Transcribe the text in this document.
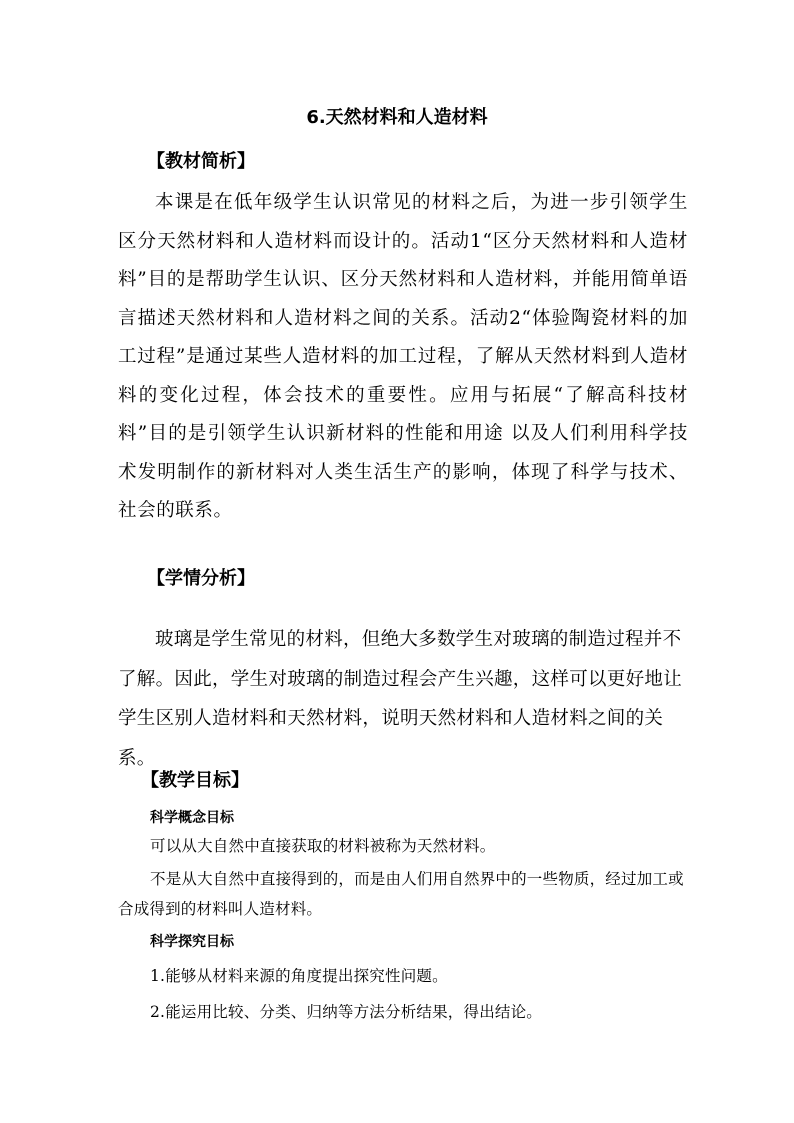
6.天然材料和人造材料
【教材简析】
本课是在低年级学生认识常见的材料之后，为进一步引领学生区分天然材料和人造材料而设计的。活动1“区分天然材料和人造材料”目的是帮助学生认识、区分天然材料和人造材料，并能用简单语言描述天然材料和人造材料之间的关系。活动2“体验陶瓷材料的加工过程”是通过某些人造材料的加工过程，了解从天然材料到人造材料的变化过程，体会技术的重要性。应用与拓展“了解高科技材料”目的是引领学生认识新材料的性能和用途 以及人们利用科学技术发明制作的新材料对人类生活生产的影响，体现了科学与技术、社会的联系。
【学情分析】
玻璃是学生常见的材料，但绝大多数学生对玻璃的制造过程并不了解。因此，学生对玻璃的制造过程会产生兴趣，这样可以更好地让学生区别人造材料和天然材料，说明天然材料和人造材料之间的关系。
【教学目标】
科学概念目标
可以从大自然中直接获取的材料被称为天然材料。
不是从大自然中直接得到的，而是由人们用自然界中的一些物质，经过加工或合成得到的材料叫人造材料。
科学探究目标
1.能够从材料来源的角度提出探究性问题。
2.能运用比较、分类、归纳等方法分析结果，得出结论。
